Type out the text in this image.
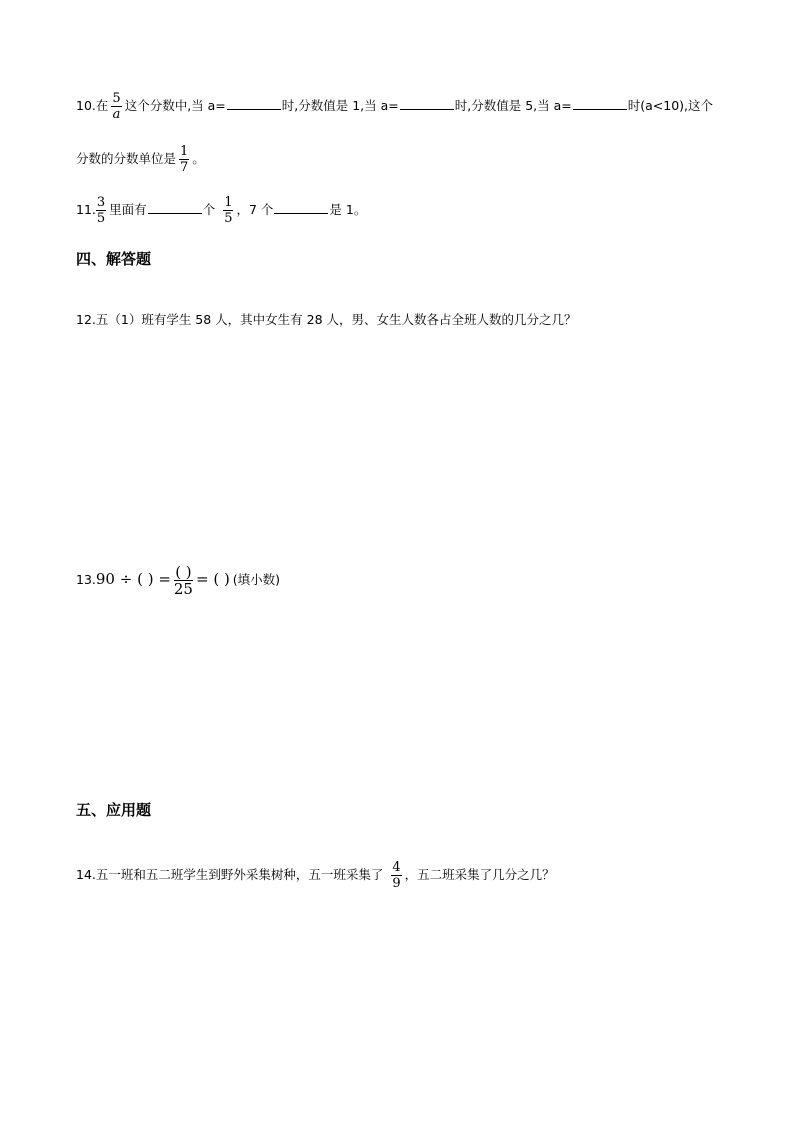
10.在 $\frac{5}{a}$ 这个分数中,当 a=	时,分数值是 1,当 a=	时,分数值是 5,当 a=	时(a<10),这个
分数的分数单位是 $\frac{1}{7}$ 。
11. $\frac{3}{5}$ 里面有	个 $\frac{1}{5}$ ，7 个	是 1。
四、解答题
12.五（1）班有学生 58 人，其中女生有 28 人，男、女生人数各占全班人数的几分之几？
13.90 ÷ ( ) = $\frac{( )}{25}$ = ( ) (填小数)
五、应用题
14.五一班和五二班学生到野外采集树种，五一班采集了 $\frac{4}{9}$ ，五二班采集了几分之几？
